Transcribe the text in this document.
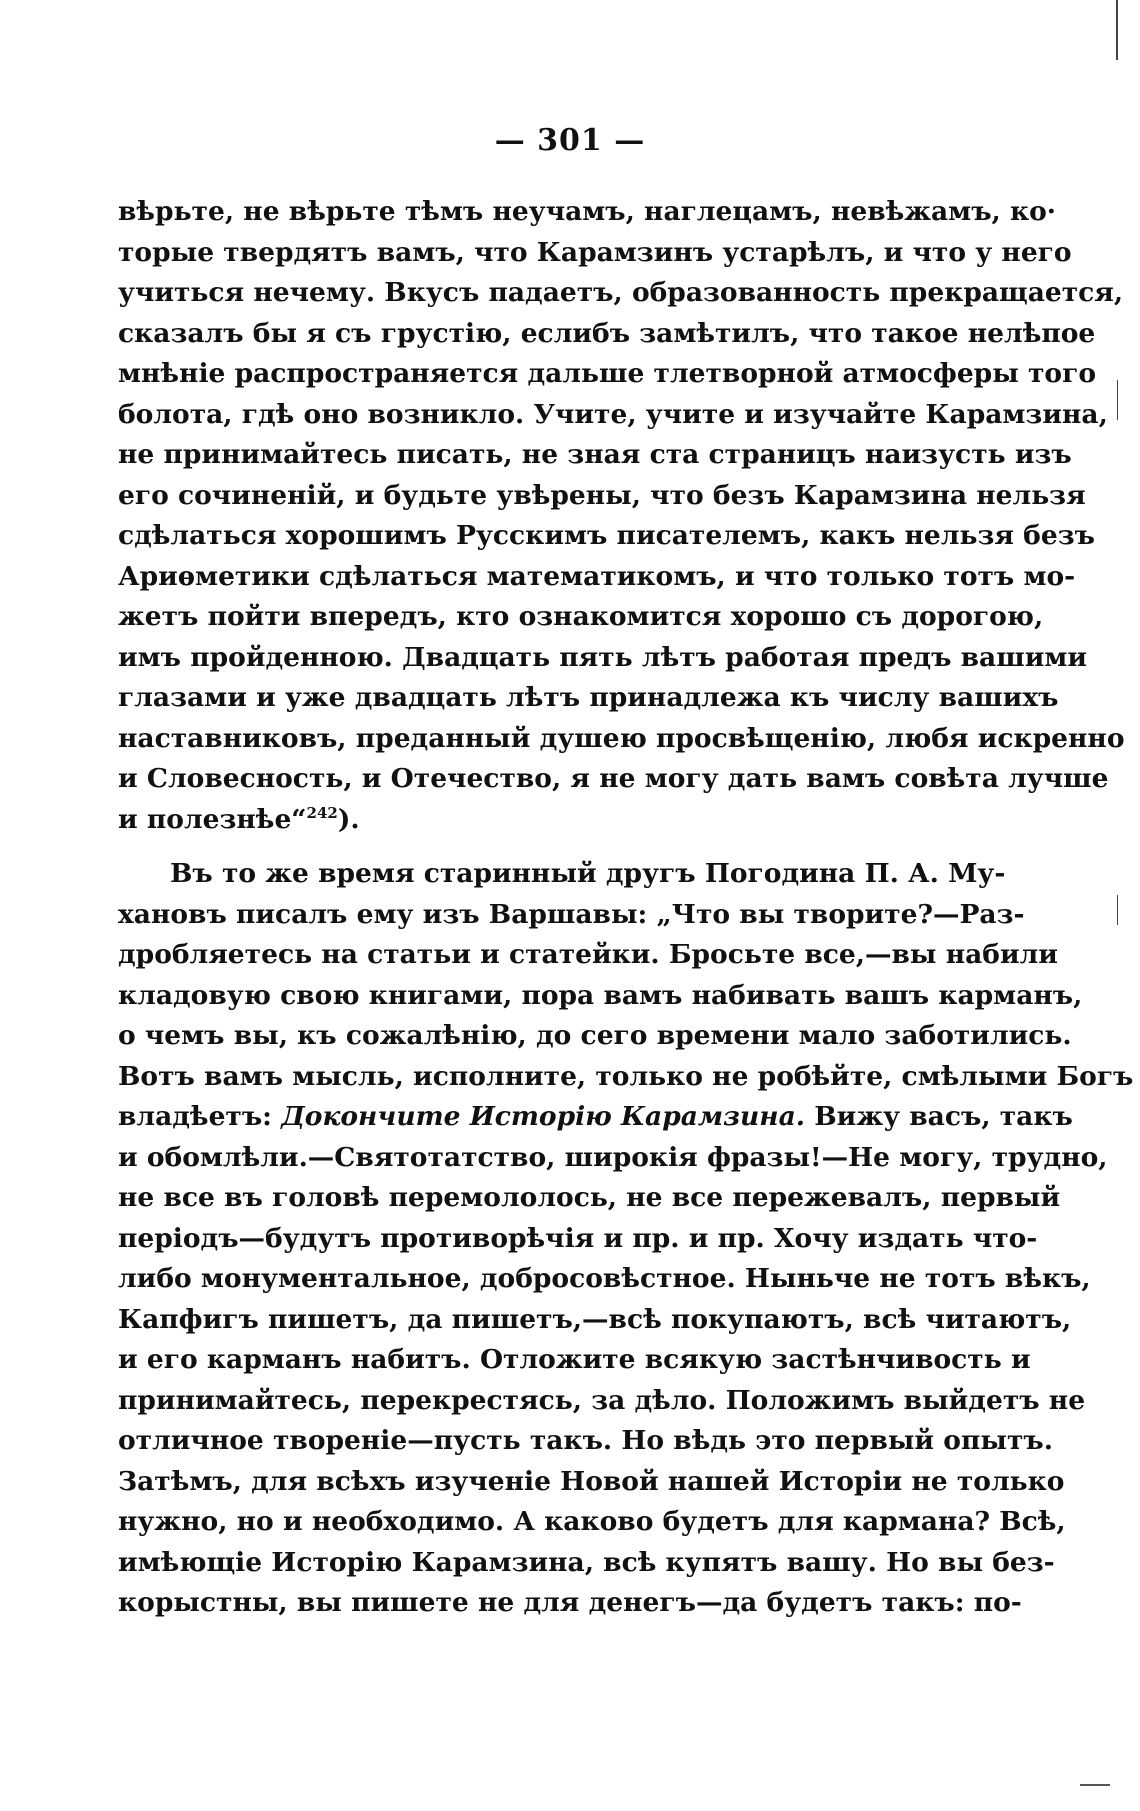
— 301 —
вѣрьте, не вѣрьте тѣмъ неучамъ, наглецамъ, невѣжамъ, ко·
торые твердятъ вамъ, что Карамзинъ устарѣлъ, и что у него
учиться нечему. Вкусъ падаетъ, образованность прекращается,
сказалъ бы я съ грустію, еслибъ замѣтилъ, что такое нелѣпое
мнѣніе распространяется дальше тлетворной атмосферы того
болота, гдѣ оно возникло. Учите, учите и изучайте Карамзина,
не принимайтесь писать, не зная ста страницъ наизусть изъ
его сочиненій, и будьте увѣрены, что безъ Карамзина нельзя
сдѣлаться хорошимъ Русскимъ писателемъ, какъ нельзя безъ
Ариѳметики сдѣлаться математикомъ, и что только тотъ мо-
жетъ пойти впередъ, кто ознакомится хорошо съ дорогою,
имъ пройденною. Двадцать пять лѣтъ работая предъ вашими
глазами и уже двадцать лѣтъ принадлежа къ числу вашихъ
наставниковъ, преданный душею просвѣщенію, любя искренно
и Словесность, и Отечество, я не могу дать вамъ совѣта лучше
и полезнѣе“$^{242}$).
Въ то же время старинный другъ Погодина П. А. Му-
хановъ писалъ ему изъ Варшавы: „Что вы творите?—Раз-
дробляетесь на статьи и статейки. Бросьте все,—вы набили
кладовую свою книгами, пора вамъ набивать вашъ карманъ,
о чемъ вы, къ сожалѣнію, до сего времени мало заботились.
Вотъ вамъ мысль, исполните, только не робѣйте, смѣлыми Богъ
владѣетъ: Докончите Исторію Карамзина. Вижу васъ, такъ
и обомлѣли.—Святотатство, широкія фразы!—Не могу, трудно,
не все въ головѣ перемололось, не все пережевалъ, первый
періодъ—будутъ противорѣчія и пр. и пр. Хочу издать что-
либо монументальное, добросовѣстное. Ныньче не тотъ вѣкъ,
Капфигъ пишетъ, да пишетъ,—всѣ покупаютъ, всѣ читаютъ,
и его карманъ набитъ. Отложите всякую застѣнчивость и
принимайтесь, перекрестясь, за дѣло. Положимъ выйдетъ не
отличное твореніе—пусть такъ. Но вѣдь это первый опытъ.
Затѣмъ, для всѣхъ изученіе Новой нашей Исторіи не только
нужно, но и необходимо. А каково будетъ для кармана? Всѣ,
имѣющіе Исторію Карамзина, всѣ купятъ вашу. Но вы без-
корыстны, вы пишете не для денегъ—да будетъ такъ: по-
